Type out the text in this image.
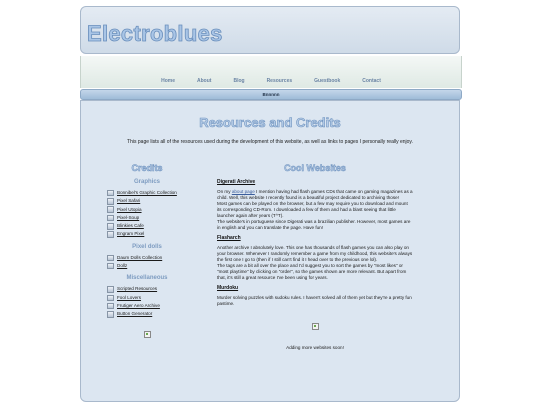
Electroblues
Home	About	Blog	Resources	Guestbook	Contact
Bnnnnn
Resources and Credits
This page lists all of the resources used during the development of this website, as well as links to pages I personally really enjoy.
Credits
Graphics
Bonnibel's Graphic Collection
Pixel Safari
Pixel Utopia
Pixel-Soup
Blinkies Cafe
Engram Pixel
Pixel dolls
Daum Dolls Collection
Dollz
Miscellaneous
Scripted Resources
Fool Lovers
Frutiger Aero Archive
Button Generator
Cool Websites
Digerati Archive

On my about page I mention having had flash games CDs that came on gaming magazines as a child. Well, this website I recently found is a beautiful project dedicated to archiving those!

Most games can be played on the browser, but a few may require you to download and mount its corresponding CD-Rom. I downloaded a few of them and had a blast seeing that little launcher again after years (T^T).

The website's in portuguese since Digerati was a brazilian publisher. However, most games are in english and you can translate the page. Have fun!

Flasharch

Another archive I absolutely love. This one has thousands of flash games you can also play on your browser. Whenever I randomly remember a game from my childhood, this website's always the first one I go to (then if I still can't find it I head over to the previous one lol).

The tags are a bit all over the place and I'd suggest you to sort the games by "most likes" or "most playtime" by clicking on "order", so the games shown are more relevant. But apart from that, it's still a great resource I've been using for years.

Murdoku

Murder solving puzzles with sudoku rules. I haven't solved all of them yet but they're a pretty fun pastime.

Adding more websites soon!
